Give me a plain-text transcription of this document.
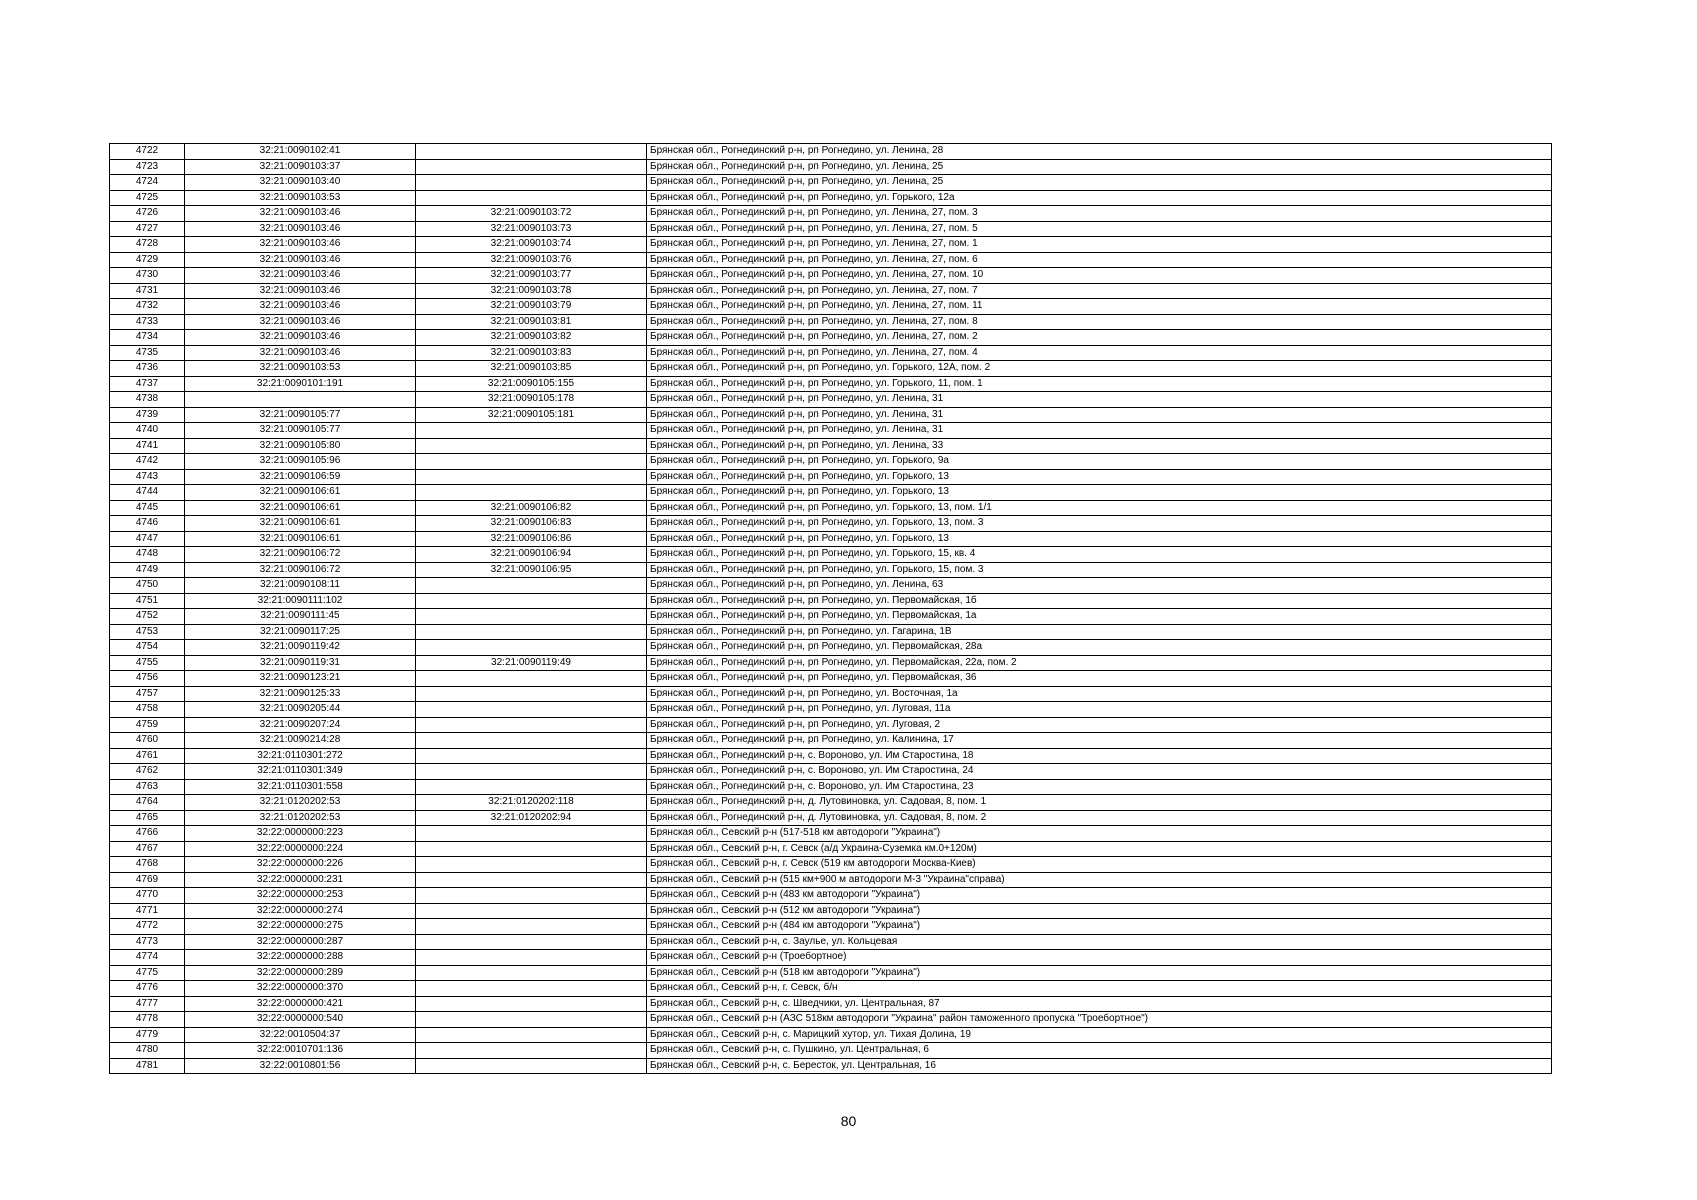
4722	32:21:0090102:41		Брянская обл., Рогнединский р-н, рп Рогнедино, ул. Ленина, 28
4723	32:21:0090103:37		Брянская обл., Рогнединский р-н, рп Рогнедино, ул. Ленина, 25
4724	32:21:0090103:40		Брянская обл., Рогнединский р-н, рп Рогнедино, ул. Ленина, 25
4725	32:21:0090103:53		Брянская обл., Рогнединский р-н, рп Рогнедино, ул. Горького, 12а
4726	32:21:0090103:46	32:21:0090103:72	Брянская обл., Рогнединский р-н, рп Рогнедино, ул. Ленина, 27, пом. 3
4727	32:21:0090103:46	32:21:0090103:73	Брянская обл., Рогнединский р-н, рп Рогнедино, ул. Ленина, 27, пом. 5
4728	32:21:0090103:46	32:21:0090103:74	Брянская обл., Рогнединский р-н, рп Рогнедино, ул. Ленина, 27, пом. 1
4729	32:21:0090103:46	32:21:0090103:76	Брянская обл., Рогнединский р-н, рп Рогнедино, ул. Ленина, 27, пом. 6
4730	32:21:0090103:46	32:21:0090103:77	Брянская обл., Рогнединский р-н, рп Рогнедино, ул. Ленина, 27, пом. 10
4731	32:21:0090103:46	32:21:0090103:78	Брянская обл., Рогнединский р-н, рп Рогнедино, ул. Ленина, 27, пом. 7
4732	32:21:0090103:46	32:21:0090103:79	Брянская обл., Рогнединский р-н, рп Рогнедино, ул. Ленина, 27, пом. 11
4733	32:21:0090103:46	32:21:0090103:81	Брянская обл., Рогнединский р-н, рп Рогнедино, ул. Ленина, 27, пом. 8
4734	32:21:0090103:46	32:21:0090103:82	Брянская обл., Рогнединский р-н, рп Рогнедино, ул. Ленина, 27, пом. 2
4735	32:21:0090103:46	32:21:0090103:83	Брянская обл., Рогнединский р-н, рп Рогнедино, ул. Ленина, 27, пом. 4
4736	32:21:0090103:53	32:21:0090103:85	Брянская обл., Рогнединский р-н, рп Рогнедино, ул. Горького, 12А, пом. 2
4737	32:21:0090101:191	32:21:0090105:155	Брянская обл., Рогнединский р-н, рп Рогнедино, ул. Горького, 11, пом. 1
4738		32:21:0090105:178	Брянская обл., Рогнединский р-н, рп Рогнедино, ул. Ленина, 31
4739	32:21:0090105:77	32:21:0090105:181	Брянская обл., Рогнединский р-н, рп Рогнедино, ул. Ленина, 31
4740	32:21:0090105:77		Брянская обл., Рогнединский р-н, рп Рогнедино, ул. Ленина, 31
4741	32:21:0090105:80		Брянская обл., Рогнединский р-н, рп Рогнедино, ул. Ленина, 33
4742	32:21:0090105:96		Брянская обл., Рогнединский р-н, рп Рогнедино, ул. Горького, 9а
4743	32:21:0090106:59		Брянская обл., Рогнединский р-н, рп Рогнедино, ул. Горького, 13
4744	32:21:0090106:61		Брянская обл., Рогнединский р-н, рп Рогнедино, ул. Горького, 13
4745	32:21:0090106:61	32:21:0090106:82	Брянская обл., Рогнединский р-н, рп Рогнедино, ул. Горького, 13, пом. 1/1
4746	32:21:0090106:61	32:21:0090106:83	Брянская обл., Рогнединский р-н, рп Рогнедино, ул. Горького, 13, пом. 3
4747	32:21:0090106:61	32:21:0090106:86	Брянская обл., Рогнединский р-н, рп Рогнедино, ул. Горького, 13
4748	32:21:0090106:72	32:21:0090106:94	Брянская обл., Рогнединский р-н, рп Рогнедино, ул. Горького, 15, кв. 4
4749	32:21:0090106:72	32:21:0090106:95	Брянская обл., Рогнединский р-н, рп Рогнедино, ул. Горького, 15, пом. 3
4750	32:21:0090108:11		Брянская обл., Рогнединский р-н, рп Рогнедино, ул. Ленина, 63
4751	32:21:0090111:102		Брянская обл., Рогнединский р-н, рп Рогнедино, ул. Первомайская, 1б
4752	32:21:0090111:45		Брянская обл., Рогнединский р-н, рп Рогнедино, ул. Первомайская, 1а
4753	32:21:0090117:25		Брянская обл., Рогнединский р-н, рп Рогнедино, ул. Гагарина, 1В
4754	32:21:0090119:42		Брянская обл., Рогнединский р-н, рп Рогнедино, ул. Первомайская, 28а
4755	32:21:0090119:31	32:21:0090119:49	Брянская обл., Рогнединский р-н, рп Рогнедино, ул. Первомайская, 22а, пом. 2
4756	32:21:0090123:21		Брянская обл., Рогнединский р-н, рп Рогнедино, ул. Первомайская, 36
4757	32:21:0090125:33		Брянская обл., Рогнединский р-н, рп Рогнедино, ул. Восточная, 1а
4758	32:21:0090205:44		Брянская обл., Рогнединский р-н, рп Рогнедино, ул. Луговая, 11а
4759	32:21:0090207:24		Брянская обл., Рогнединский р-н, рп Рогнедино, ул. Луговая, 2
4760	32:21:0090214:28		Брянская обл., Рогнединский р-н, рп Рогнедино, ул. Калинина, 17
4761	32:21:0110301:272		Брянская обл., Рогнединский р-н, с. Вороново, ул. Им Старостина, 18
4762	32:21:0110301:349		Брянская обл., Рогнединский р-н, с. Вороново, ул. Им Старостина, 24
4763	32:21:0110301:558		Брянская обл., Рогнединский р-н, с. Вороново, ул. Им Старостина, 23
4764	32:21:0120202:53	32:21:0120202:118	Брянская обл., Рогнединский р-н, д. Лутовиновка, ул. Садовая, 8, пом. 1
4765	32:21:0120202:53	32:21:0120202:94	Брянская обл., Рогнединский р-н, д. Лутовиновка, ул. Садовая, 8, пом. 2
4766	32:22:0000000:223		Брянская обл., Севский р-н (517-518 км автодороги "Украина")
4767	32:22:0000000:224		Брянская обл., Севский р-н, г. Севск (а/д Украина-Суземка км.0+120м)
4768	32:22:0000000:226		Брянская обл., Севский р-н, г. Севск (519 км автодороги Москва-Киев)
4769	32:22:0000000:231		Брянская обл., Севский р-н (515 км+900 м автодороги М-3 "Украина"справа)
4770	32:22:0000000:253		Брянская обл., Севский р-н (483 км автодороги "Украина")
4771	32:22:0000000:274		Брянская обл., Севский р-н (512 км автодороги "Украина")
4772	32:22:0000000:275		Брянская обл., Севский р-н (484 км автодороги "Украина")
4773	32:22:0000000:287		Брянская обл., Севский р-н, с. Заулье, ул. Кольцевая
4774	32:22:0000000:288		Брянская обл., Севский р-н (Троебортное)
4775	32:22:0000000:289		Брянская обл., Севский р-н (518 км автодороги "Украина")
4776	32:22:0000000:370		Брянская обл., Севский р-н, г. Севск, б/н
4777	32:22:0000000:421		Брянская обл., Севский р-н, с. Шведчики, ул. Центральная, 87
4778	32:22:0000000:540		Брянская обл., Севский р-н (АЗС 518км автодороги "Украина" район таможенного пропуска "Троебортное")
4779	32:22:0010504:37		Брянская обл., Севский р-н, с. Марицкий хутор, ул. Тихая Долина, 19
4780	32:22:0010701:136		Брянская обл., Севский р-н, с. Пушкино, ул. Центральная, 6
4781	32:22:0010801:56		Брянская обл., Севский р-н, с. Бересток, ул. Центральная, 16
80
